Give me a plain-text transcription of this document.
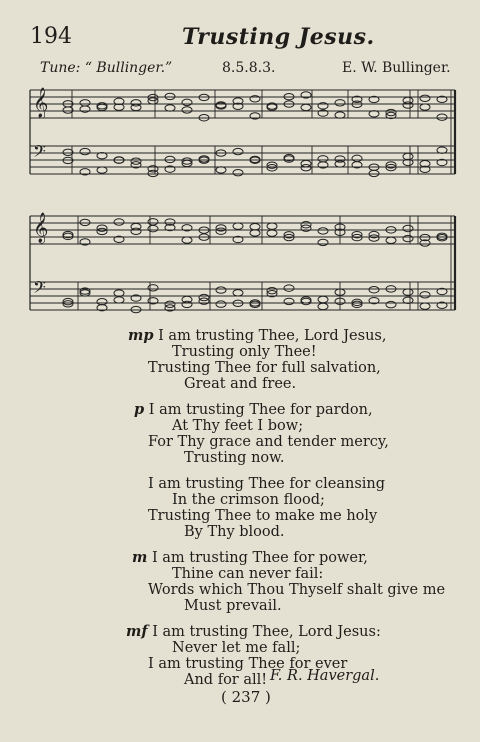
194	Trusting Jesus.
Tune: “ Bullinger.”	8.5.8.3.	E. W. Bullinger.
𝄞
𝄞
𝄢
𝄢
mp I am trusting Thee, Lord Jesus,
Trusting only Thee!
Trusting Thee for full salvation,
Great and free.
p I am trusting Thee for pardon,
At Thy feet I bow;
For Thy grace and tender mercy,
Trusting now.
I am trusting Thee for cleansing
In the crimson flood;
Trusting Thee to make me holy
By Thy blood.
m I am trusting Thee for power,
Thine can never fail:
Words which Thou Thyself shalt give me
Must prevail.
mf I am trusting Thee, Lord Jesus:
Never let me fall;
I am trusting Thee for ever
And for all! F. R. Havergal.
( 237 )
